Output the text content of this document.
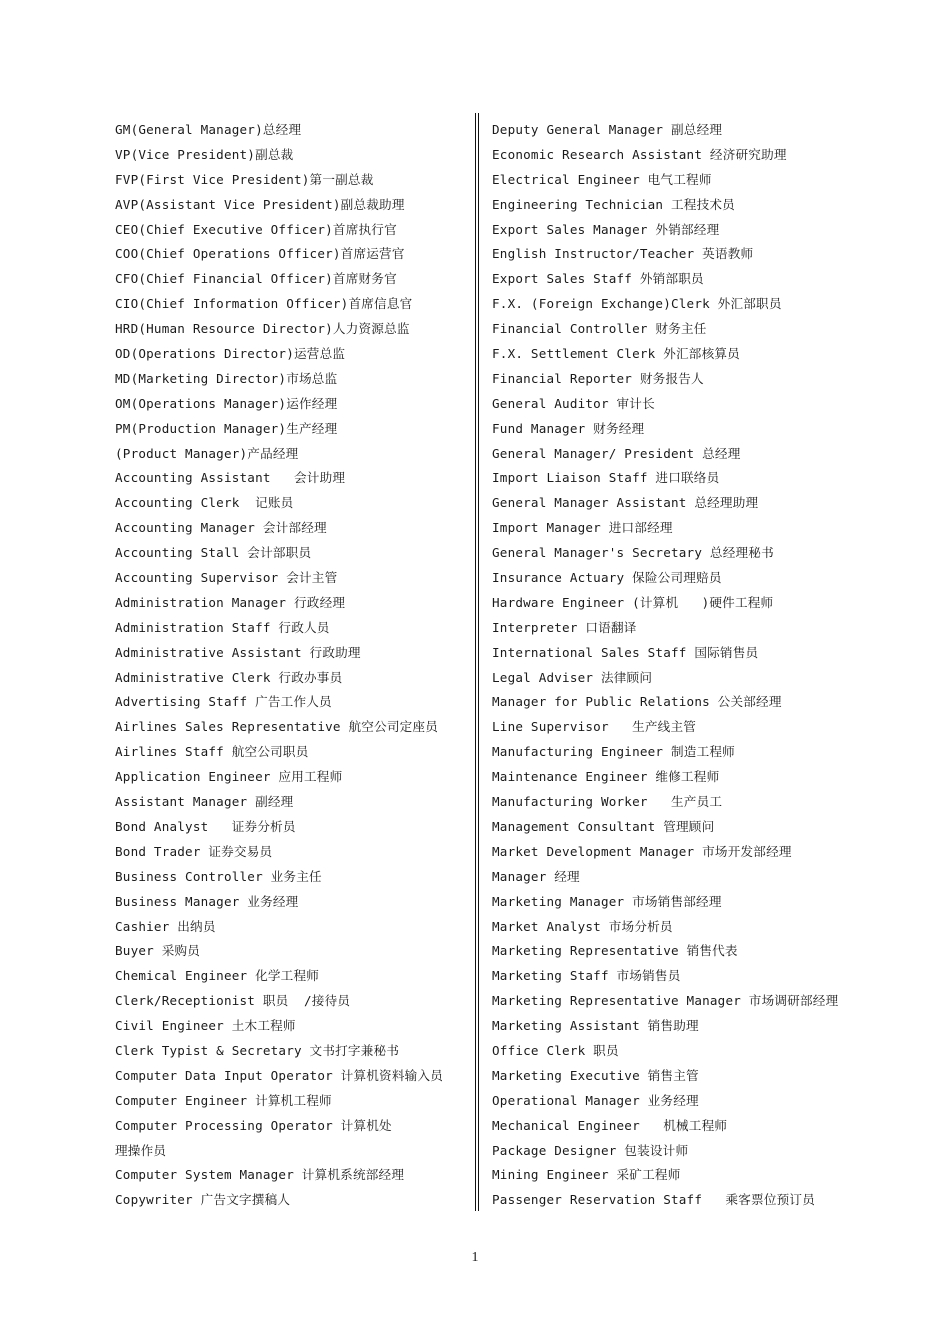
GM(General Manager)总经理
VP(Vice President)副总裁
FVP(First Vice President)第一副总裁
AVP(Assistant Vice President)副总裁助理
CEO(Chief Executive Officer)首席执行官
COO(Chief Operations Officer)首席运营官
CFO(Chief Financial Officer)首席财务官
CIO(Chief Information Officer)首席信息官
HRD(Human Resource Director)人力资源总监
OD(Operations Director)运营总监
MD(Marketing Director)市场总监
OM(Operations Manager)运作经理
PM(Production Manager)生产经理
(Product Manager)产品经理
Accounting Assistant   会计助理
Accounting Clerk  记账员
Accounting Manager 会计部经理
Accounting Stall 会计部职员
Accounting Supervisor 会计主管
Administration Manager 行政经理
Administration Staff 行政人员
Administrative Assistant 行政助理
Administrative Clerk 行政办事员
Advertising Staff 广告工作人员
Airlines Sales Representative 航空公司定座员
Airlines Staff 航空公司职员
Application Engineer 应用工程师
Assistant Manager 副经理
Bond Analyst   证券分析员
Bond Trader 证券交易员
Business Controller 业务主任
Business Manager 业务经理
Cashier 出纳员
Buyer 采购员
Chemical Engineer 化学工程师
Clerk/Receptionist 职员  /接待员
Civil Engineer 土木工程师
Clerk Typist & Secretary 文书打字兼秘书
Computer Data Input Operator 计算机资料输入员
Computer Engineer 计算机工程师
Computer Processing Operator 计算机处理操作员
Computer System Manager 计算机系统部经理
Copywriter 广告文字撰稿人
Deputy General Manager 副总经理
Economic Research Assistant 经济研究助理
Electrical Engineer 电气工程师
Engineering Technician 工程技术员
Export Sales Manager 外销部经理
English Instructor/Teacher 英语教师
Export Sales Staff 外销部职员
F.X. (Foreign Exchange)Clerk 外汇部职员
Financial Controller 财务主任
F.X. Settlement Clerk 外汇部核算员
Financial Reporter 财务报告人
General Auditor 审计长
Fund Manager 财务经理
General Manager/ President 总经理
Import Liaison Staff 进口联络员
General Manager Assistant 总经理助理
Import Manager 进口部经理
General Manager's Secretary 总经理秘书
Insurance Actuary 保险公司理赔员
Hardware Engineer (计算机   )硬件工程师
Interpreter 口语翻译
International Sales Staff 国际销售员
Legal Adviser 法律顾问
Manager for Public Relations 公关部经理
Line Supervisor   生产线主管
Manufacturing Engineer 制造工程师
Maintenance Engineer 维修工程师
Manufacturing Worker   生产员工
Management Consultant 管理顾问
Market Development Manager 市场开发部经理
Manager 经理
Marketing Manager 市场销售部经理
Market Analyst 市场分析员
Marketing Representative 销售代表
Marketing Staff 市场销售员
Marketing Representative Manager 市场调研部经理
Marketing Assistant 销售助理
Office Clerk 职员
Marketing Executive 销售主管
Operational Manager 业务经理
Mechanical Engineer   机械工程师
Package Designer 包装设计师
Mining Engineer 采矿工程师
Passenger Reservation Staff   乘客票位预订员
1
